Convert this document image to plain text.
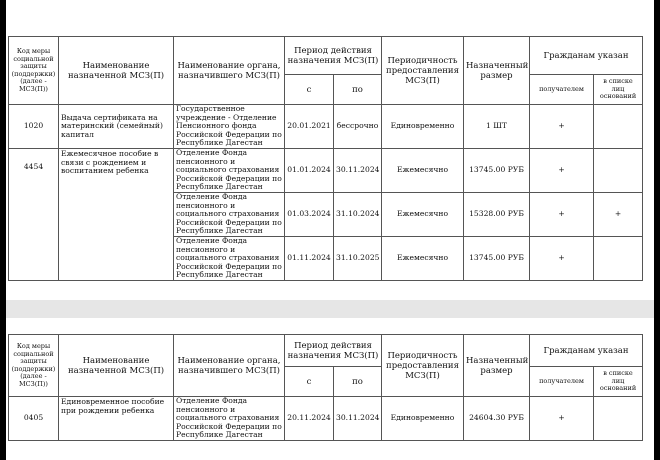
Код меры социальной защиты (поддержки) (далее - МСЗ(П))	Наименование назначенной МСЗ(П)	Наименование органа, назначившего МСЗ(П)	Период действия назначения МСЗ(П)		Периодичность предоставления МСЗ(П)	Назначенный размер	Гражданам указан	
			с	по			получателем	в списке лиц оснований
1020	Выдача сертификата на материнский (семейный) капитал	Государственное учреждение - Отделение Пенсионного фонда Российской Федерации по Республике Дагестан	20.01.2021	бессрочно	Единовременно	1 ШТ	+	
4454	Ежемесячное пособие в связи с рождением и воспитанием ребенка	Отделение Фонда пенсионного и социального страхования Российской Федерации по Республике Дагестан	01.01.2024	30.11.2024	Ежемесячно	13745.00 РУБ	+	
		Отделение Фонда пенсионного и социального страхования Российской Федерации по Республике Дагестан	01.03.2024	31.10.2024	Ежемесячно	15328.00 РУБ	+	+
		Отделение Фонда пенсионного и социального страхования Российской Федерации по Республике Дагестан	01.11.2024	31.10.2025	Ежемесячно	13745.00 РУБ	+	
Код меры социальной защиты (поддержки) (далее - МСЗ(П))	Наименование назначенной МСЗ(П)	Наименование органа, назначившего МСЗ(П)	Период действия назначения МСЗ(П)		Периодичность предоставления МСЗ(П)	Назначенный размер	Гражданам указан	
			с	по			получателем	в списке лиц оснований
0405	Единовременное пособие при рождении ребенка	Отделение Фонда пенсионного и социального страхования Российской Федерации по Республике Дагестан	20.11.2024	30.11.2024	Единовременно	24604.30 РУБ	+	
